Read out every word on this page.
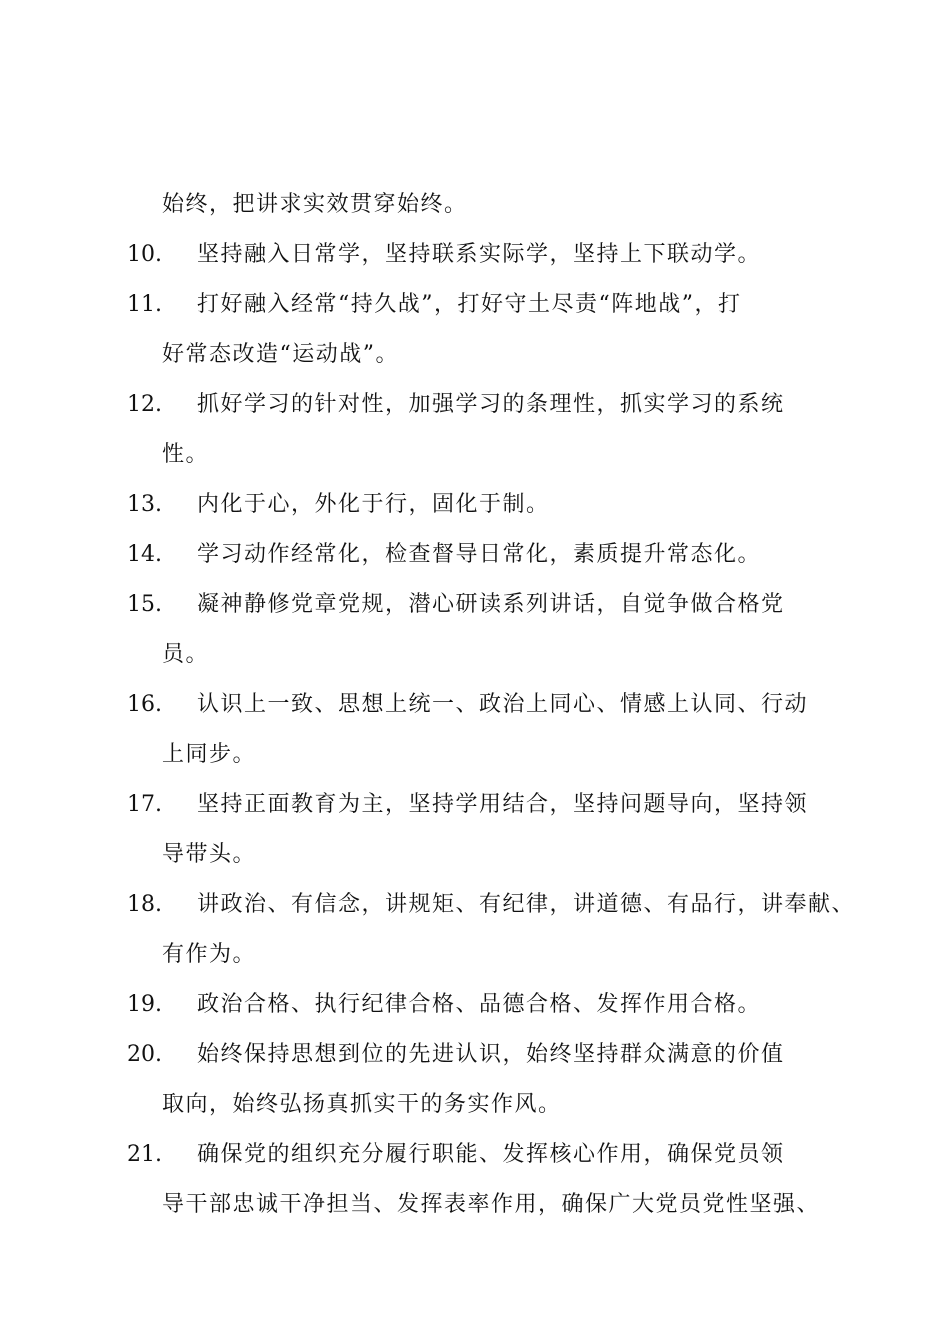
始终，把讲求实效贯穿始终。
10.	坚持融入日常学，坚持联系实际学，坚持上下联动学。
11.	打好融入经常“持久战”，打好守土尽责“阵地战”，打
好常态改造“运动战”。
12.	抓好学习的针对性，加强学习的条理性，抓实学习的系统
性。
13.	内化于心，外化于行，固化于制。
14.	学习动作经常化，检查督导日常化，素质提升常态化。
15.	凝神静修党章党规，潜心研读系列讲话，自觉争做合格党
员。
16.	认识上一致、思想上统一、政治上同心、情感上认同、行动
上同步。
17.	坚持正面教育为主，坚持学用结合，坚持问题导向，坚持领
导带头。
18.	讲政治、有信念，讲规矩、有纪律，讲道德、有品行，讲奉献、
有作为。
19.	政治合格、执行纪律合格、品德合格、发挥作用合格。
20.	始终保持思想到位的先进认识，始终坚持群众满意的价值
取向，始终弘扬真抓实干的务实作风。
21.	确保党的组织充分履行职能、发挥核心作用，确保党员领
导干部忠诚干净担当、发挥表率作用，确保广大党员党性坚强、
